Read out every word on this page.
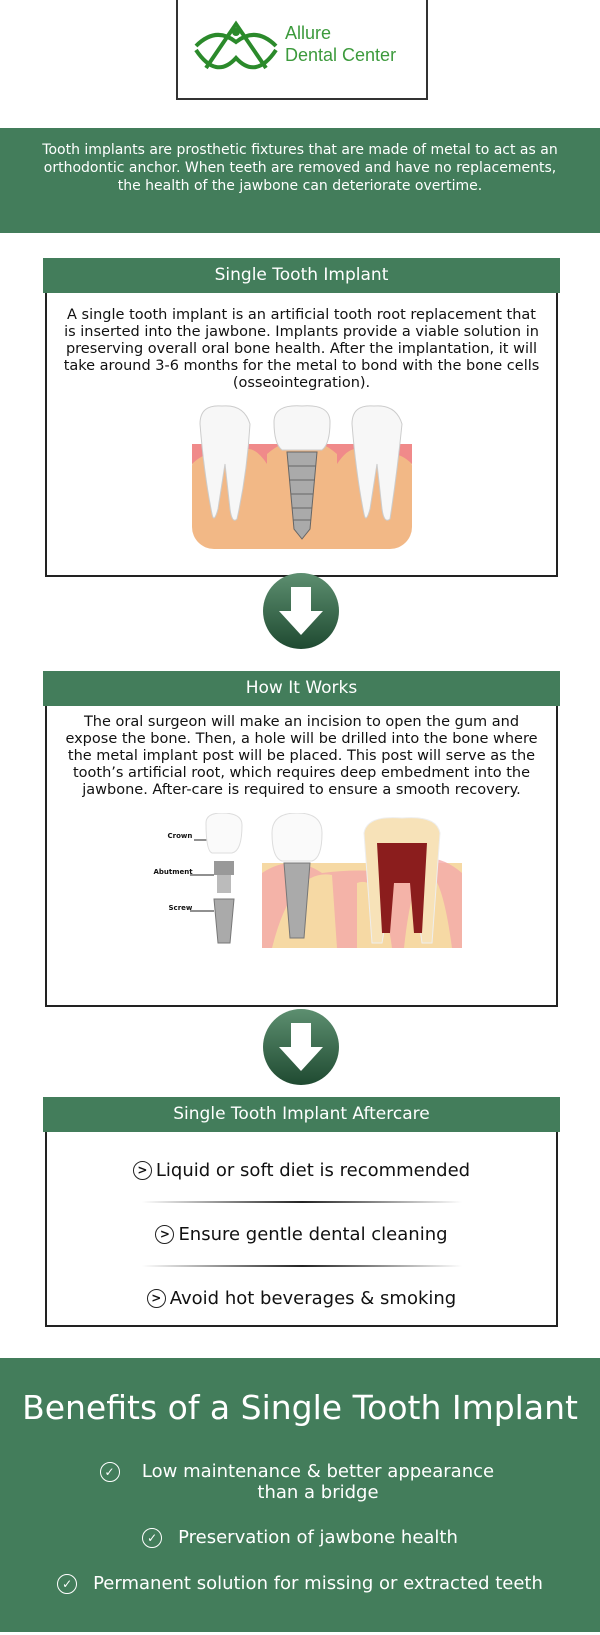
Allure
Dental Center
Tooth implants are prosthetic fixtures that are made of metal to act as an orthodontic anchor. When teeth are removed and have no replacements, the health of the jawbone can deteriorate overtime.
A single tooth implant is an artificial tooth root replacement that is inserted into the jawbone. Implants provide a viable solution in preserving overall oral bone health. After the implantation, it will take around 3-6 months for the metal to bond with the bone cells (osseointegration).
Single Tooth Implant
The oral surgeon will make an incision to open the gum and expose the bone. Then, a hole will be drilled into the bone where the metal implant post will be placed. This post will serve as the tooth’s artificial root, which requires deep embedment into the jawbone. After-care is required to ensure a smooth recovery.
Crown
Abutment
Screw
How It Works
> Liquid or soft diet is recommended
> Ensure gentle dental cleaning
> Avoid hot beverages & smoking
Single Tooth Implant Aftercare
Benefits of a Single Tooth Implant
✓	Low maintenance & better appearance than a bridge
✓ Preservation of jawbone health
✓ Permanent solution for missing or extracted teeth
